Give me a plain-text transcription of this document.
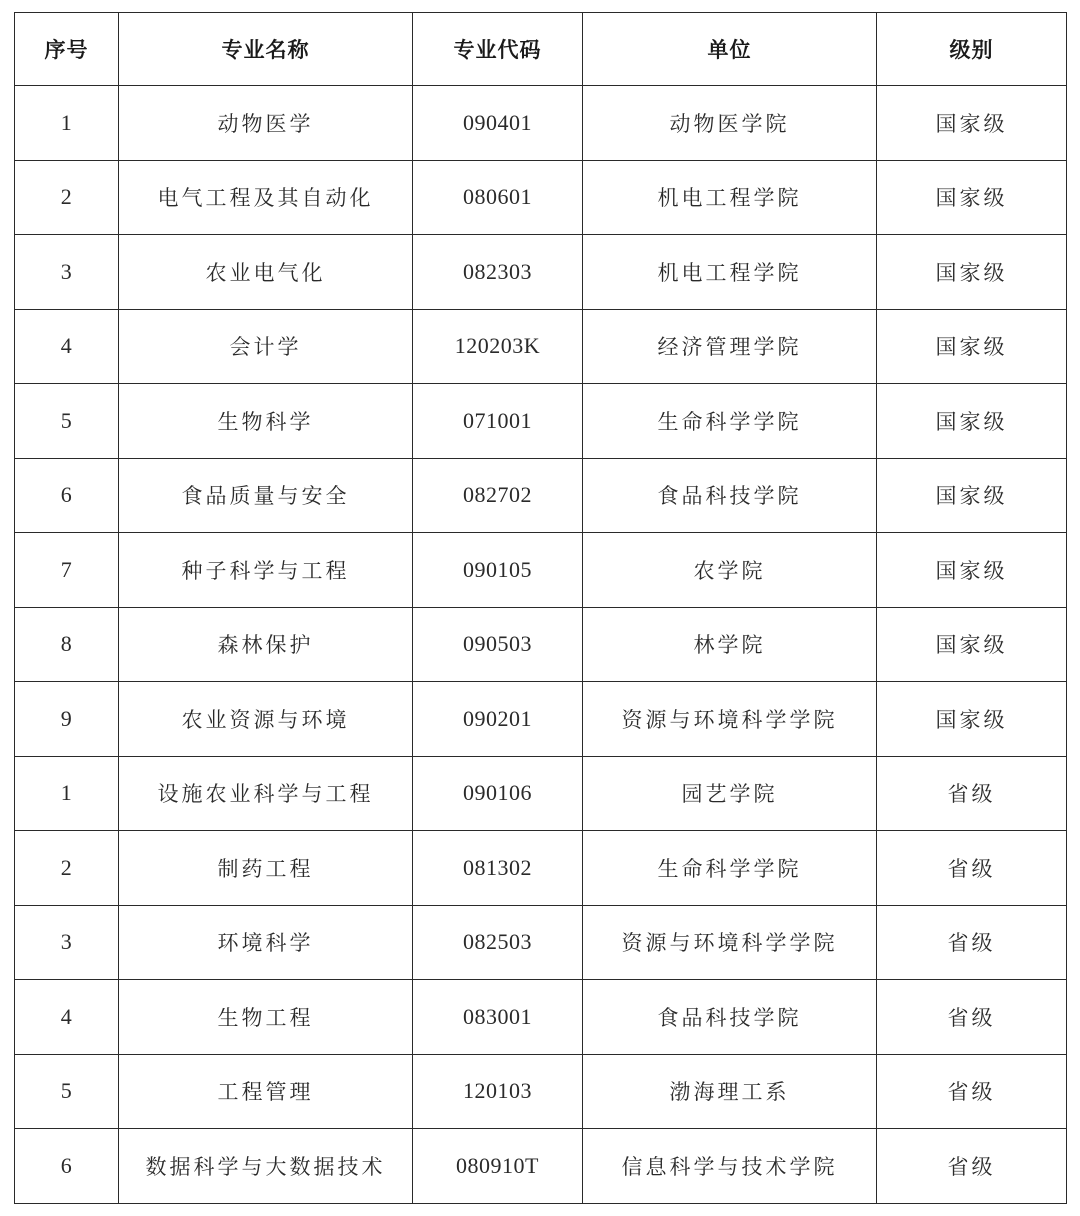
序号	专业名称	专业代码	单位	级别
1	动物医学	090401	动物医学院	国家级
2	电气工程及其自动化	080601	机电工程学院	国家级
3	农业电气化	082303	机电工程学院	国家级
4	会计学	120203K	经济管理学院	国家级
5	生物科学	071001	生命科学学院	国家级
6	食品质量与安全	082702	食品科技学院	国家级
7	种子科学与工程	090105	农学院	国家级
8	森林保护	090503	林学院	国家级
9	农业资源与环境	090201	资源与环境科学学院	国家级
1	设施农业科学与工程	090106	园艺学院	省级
2	制药工程	081302	生命科学学院	省级
3	环境科学	082503	资源与环境科学学院	省级
4	生物工程	083001	食品科技学院	省级
5	工程管理	120103	渤海理工系	省级
6	数据科学与大数据技术	080910T	信息科学与技术学院	省级
